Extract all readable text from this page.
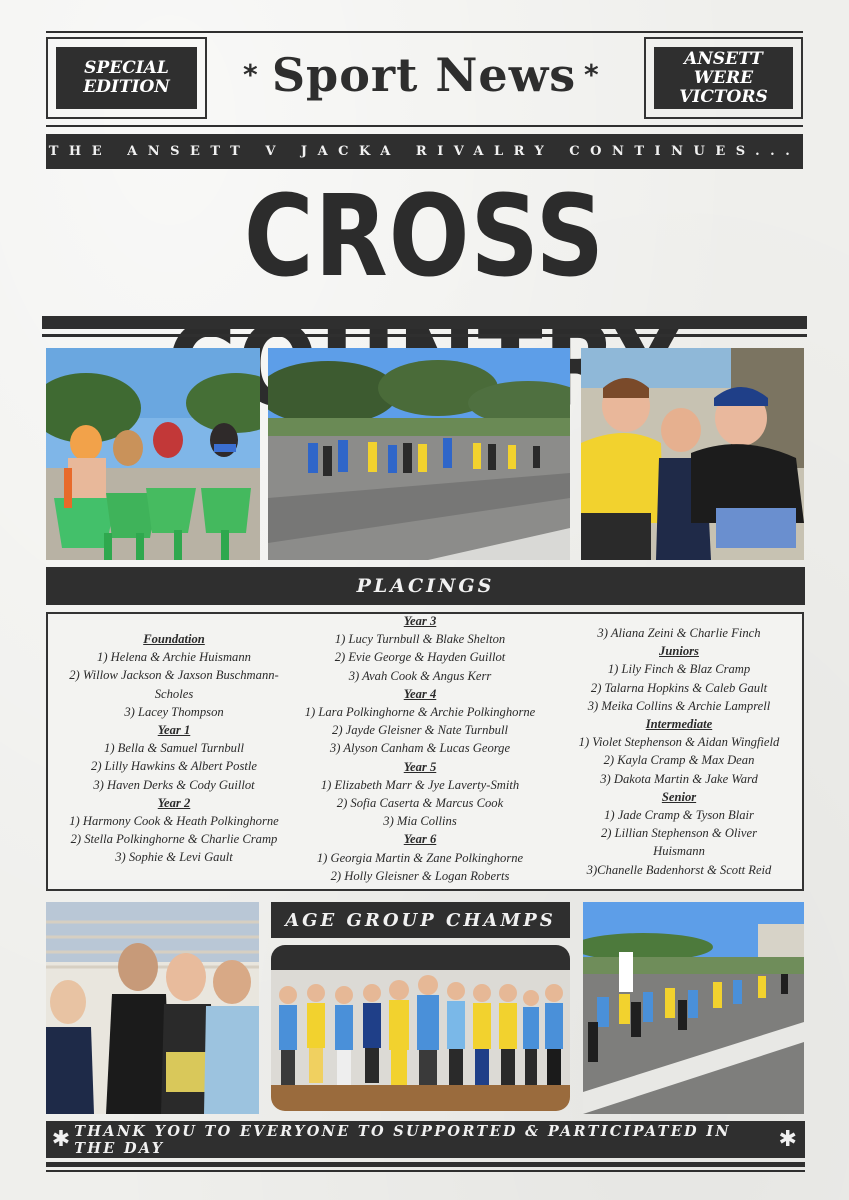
SPECIAL
EDITION	* Sport News *	ANSETT WERE
VICTORS
THE ANSETT V JACKA RIVALRY CONTINUES...
CROSS
PLACINGS

Foundation

1) Helena & Archie Huismann

2) Willow Jackson & Jaxson Buschmann-

Scholes

3) Lacey Thompson

Year 1

1) Bella & Samuel Turnbull

2) Lilly Hawkins & Albert Postle

3) Haven Derks & Cody Guillot

Year 2

1) Harmony Cook & Heath Polkinghorne

2) Stella Polkinghorne & Charlie Cramp

3) Sophie & Levi Gault

Year 3

1) Lucy Turnbull & Blake Shelton

2) Evie George & Hayden Guillot

3) Avah Cook & Angus Kerr

Year 4

1) Lara Polkinghorne & Archie Polkinghorne

2) Jayde Gleisner & Nate Turnbull

3) Alyson Canham & Lucas George

Year 5

1) Elizabeth Marr & Jye Laverty-Smith

2) Sofia Caserta & Marcus Cook

3) Mia Collins

Year 6

1) Georgia Martin & Zane Polkinghorne

2) Holly Gleisner & Logan Roberts

3) Aliana Zeini & Charlie Finch

Juniors

1) Lily Finch & Blaz Cramp

2) Talarna Hopkins & Caleb Gault

3) Meika Collins & Archie Lamprell

Intermediate

1) Violet Stephenson & Aidan Wingfield

2) Kayla Cramp & Max Dean

3) Dakota Martin & Jake Ward

Senior

1) Jade Cramp & Tyson Blair

2) Lillian Stephenson & Oliver

Huismann

3)Chanelle Badenhorst & Scott Reid

AGE GROUP CHAMPS
✱ THANK YOU TO EVERYONE TO SUPPORTED & PARTICIPATED IN THE DAY	✱
